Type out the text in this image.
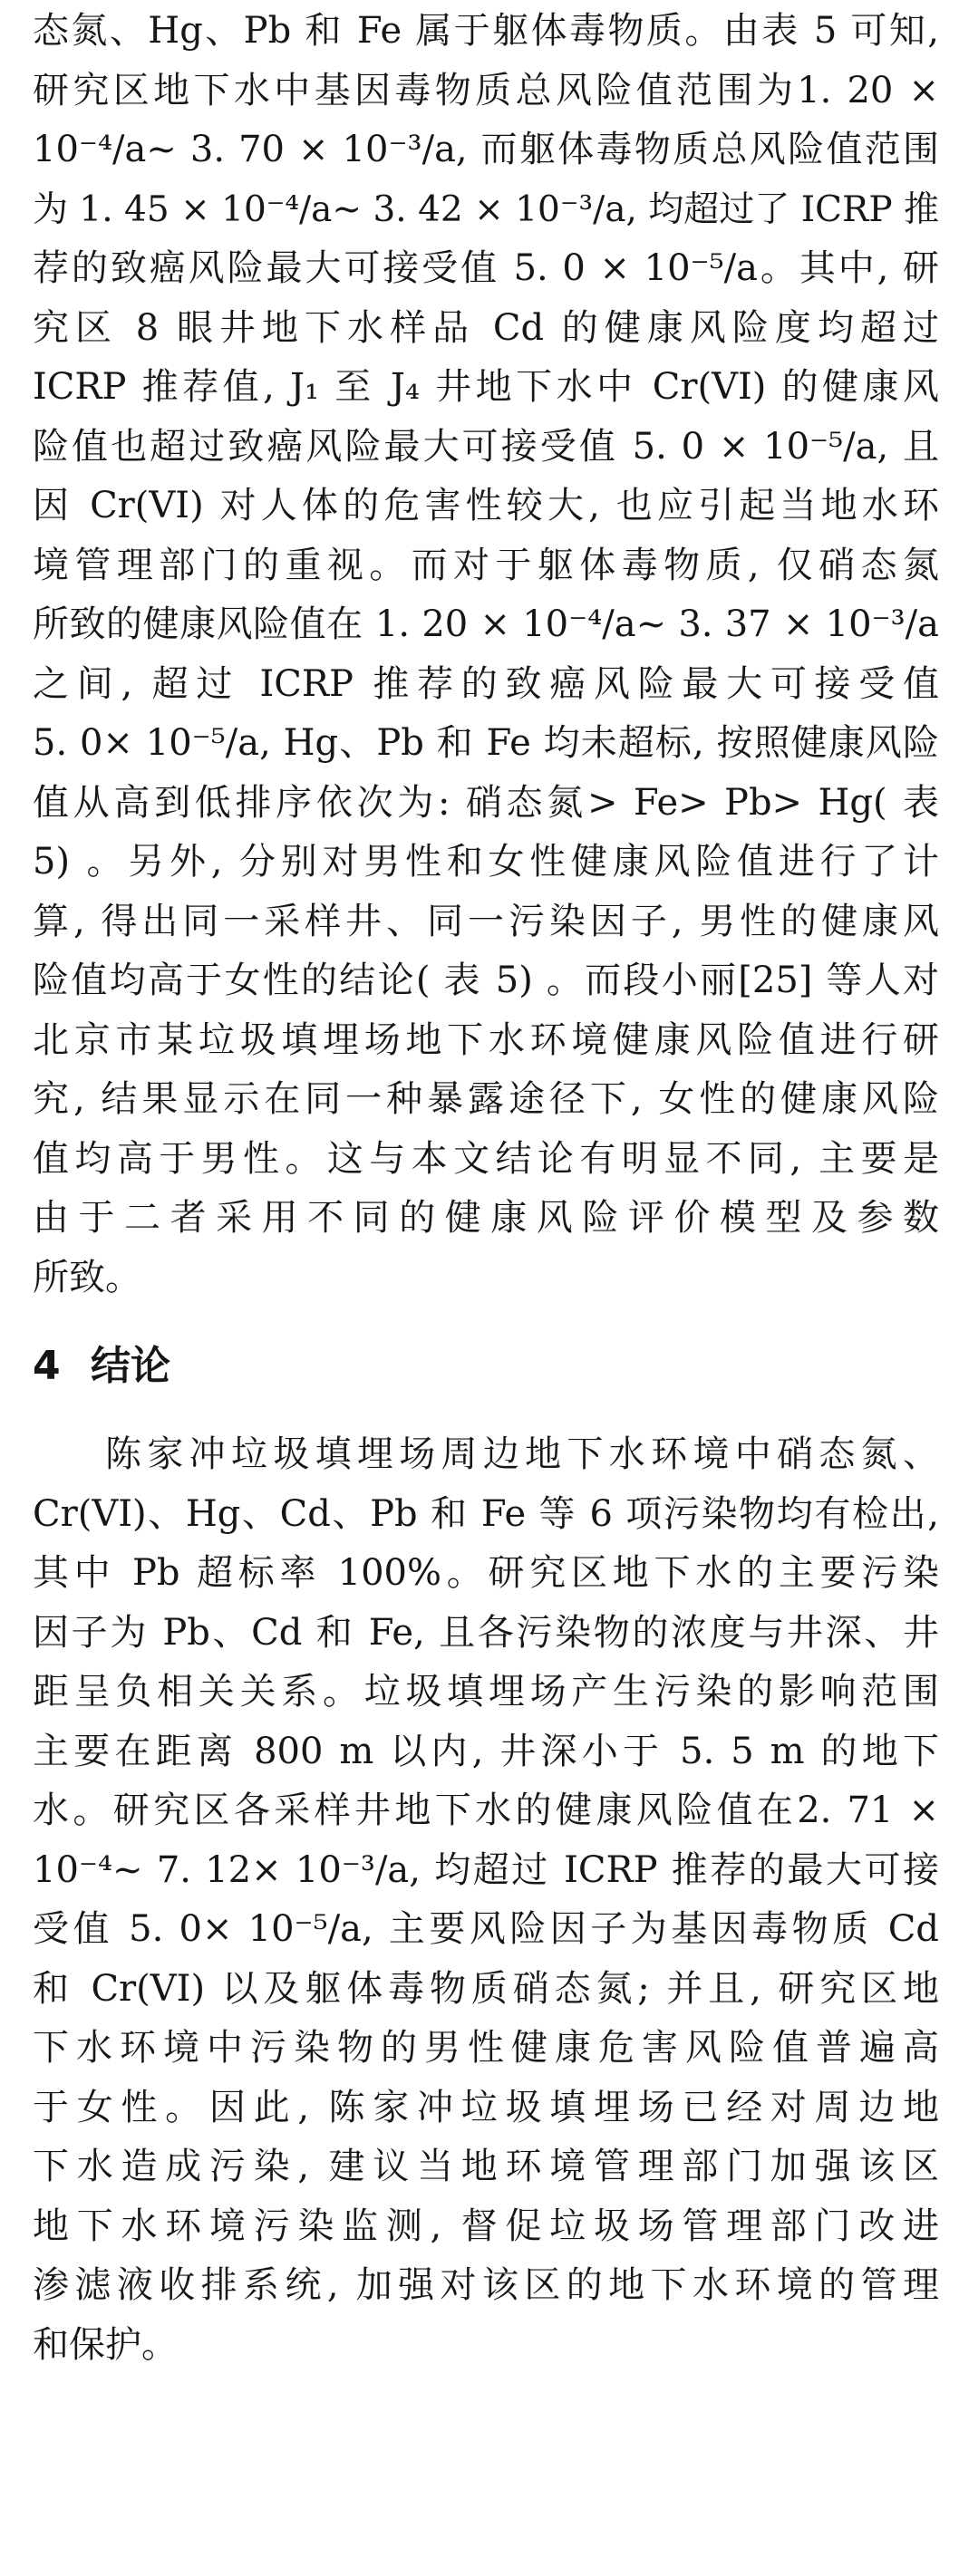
态氮、Hg、Pb 和 Fe 属于躯体毒物质。由表 5 可知,

研究区地下水中基因毒物质总风险值范围为1. 20 ×

10⁻⁴/a~ 3. 70 × 10⁻³/a, 而躯体毒物质总风险值范围

为 1. 45 × 10⁻⁴/a~ 3. 42 × 10⁻³/a, 均超过了 ICRP 推

荐的致癌风险最大可接受值 5. 0 × 10⁻⁵/a。其中, 研

究区 8 眼井地下水样品 Cd 的健康风险度均超过

ICRP 推荐值, J₁ 至 J₄ 井地下水中 Cr(VI) 的健康风

险值也超过致癌风险最大可接受值 5. 0 × 10⁻⁵/a, 且

因 Cr(VI) 对人体的危害性较大, 也应引起当地水环

境管理部门的重视。而对于躯体毒物质, 仅硝态氮

所致的健康风险值在 1. 20 × 10⁻⁴/a~ 3. 37 × 10⁻³/a

之间, 超过 ICRP 推荐的致癌风险最大可接受值

5. 0× 10⁻⁵/a, Hg、Pb 和 Fe 均未超标, 按照健康风险

值从高到低排序依次为: 硝态氮> Fe> Pb> Hg( 表

5) 。另外, 分别对男性和女性健康风险值进行了计

算, 得出同一采样井、同一污染因子, 男性的健康风

险值均高于女性的结论( 表 5) 。而段小丽[25] 等人对

北京市某垃圾填埋场地下水环境健康风险值进行研

究, 结果显示在同一种暴露途径下, 女性的健康风险

值均高于男性。这与本文结论有明显不同, 主要是

由于二者采用不同的健康风险评价模型及参数

所致。

4 结论

陈家冲垃圾填埋场周边地下水环境中硝态氮、

Cr(VI)、Hg、Cd、Pb 和 Fe 等 6 项污染物均有检出,

其中 Pb 超标率 100%。研究区地下水的主要污染

因子为 Pb、Cd 和 Fe, 且各污染物的浓度与井深、井

距呈负相关关系。垃圾填埋场产生污染的影响范围

主要在距离 800 m 以内, 井深小于 5. 5 m 的地下

水。研究区各采样井地下水的健康风险值在2. 71 ×

10⁻⁴~ 7. 12× 10⁻³/a, 均超过 ICRP 推荐的最大可接

受值 5. 0× 10⁻⁵/a, 主要风险因子为基因毒物质 Cd

和 Cr(VI) 以及躯体毒物质硝态氮; 并且, 研究区地

下水环境中污染物的男性健康危害风险值普遍高

于女性。因此, 陈家冲垃圾填埋场已经对周边地

下水造成污染, 建议当地环境管理部门加强该区

地下水环境污染监测, 督促垃圾场管理部门改进

渗滤液收排系统, 加强对该区的地下水环境的管理

和保护。
